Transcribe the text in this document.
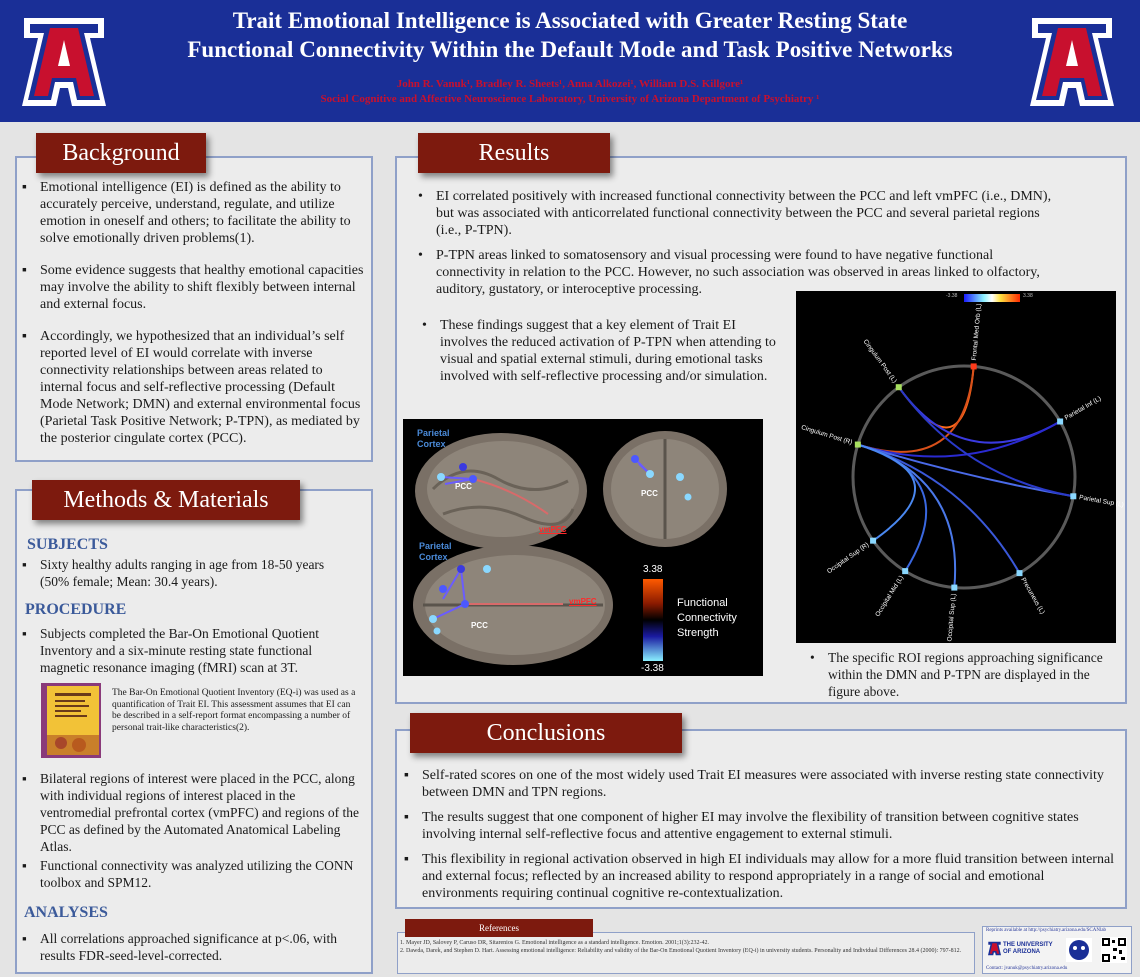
Trait Emotional Intelligence is Associated with Greater Resting State
Functional Connectivity Within the Default Mode and Task Positive Networks
John R. Vanuk¹, Bradley R. Sheets¹, Anna Alkozei¹, William D.S. Killgore¹
Social Cognitive and Affective Neuroscience Laboratory, University of Arizona Department of Psychiatry ¹
Background
▪ Emotional intelligence (EI) is defined as the ability to accurately perceive, understand, regulate, and utilize emotion in oneself and others; to facilitate the ability to solve emotionally driven problems(1).
▪ Some evidence suggests that healthy emotional capacities may involve the ability to shift flexibly between internal and external focus.
▪ Accordingly, we hypothesized that an individual’s self reported level of EI would correlate with inverse connectivity relationships between areas related to internal focus and self-reflective processing (Default Mode Network; DMN) and external environmental focus (Parietal Task Positive Network; P-TPN), as mediated by the posterior cingulate cortex (PCC).
Methods & Materials
SUBJECTS
▪ Sixty healthy adults ranging in age from 18-50 years (50% female; Mean: 30.4 years).
PROCEDURE
▪ Subjects completed the Bar-On Emotional Quotient Inventory and a six-minute resting state functional magnetic resonance imaging (fMRI) scan at 3T.
The Bar-On Emotional Quotient Inventory (EQ-i) was used as a quantification of Trait EI. This assessment assumes that EI can be described in a self-report format encompassing a number of personal trait-like characteristics(2).
▪ Bilateral regions of interest were placed in the PCC, along with individual regions of interest placed in the ventromedial prefrontal cortex (vmPFC) and regions of the PCC as defined by the Automated Anatomical Labeling Atlas.
▪ Functional connectivity was analyzed utilizing the CONN toolbox and SPM12.
ANALYSES
▪ All correlations approached significance at p<.06, with results FDR-seed-level-corrected.
Results
• EI correlated positively with increased functional connectivity between the PCC and left vmPFC (i.e., DMN), but was associated with anticorrelated functional connectivity between the PCC and several parietal regions (i.e., P-TPN).
• P-TPN areas linked to somatosensory and visual processing were found to have negative functional connectivity in relation to the PCC. However, no such association was observed in areas linked to olfactory, auditory, gustatory, or interoceptive processing.
• These findings suggest that a key element of Trait EI involves the reduced activation of P-TPN when attending to visual and spatial external stimuli, during emotional tasks involved with self-reflective processing and/or simulation.
Parietal
Cortex
Parietal
Cortex
PCC
PCC
PCC
vmPFC
vmPFC
3.38
-3.38
Functional
Connectivity
Strength
Cingulum Post (L)
Frontal Med Orb (L)
Cingulum Post (R)
Parietal Inf (L)
Parietal Sup (L)
Precuneus (L)
Occipital Sup (L)
Occipital Mid (L)
Occipital Sup (R)
-3.38	3.38
• The specific ROI regions approaching significance within the DMN and P-TPN are displayed in the figure above.
Conclusions
▪ Self-rated scores on one of the most widely used Trait EI measures were associated with inverse resting state connectivity between DMN and TPN regions.
▪ The results suggest that one component of higher EI may involve the flexibility of transition between cognitive states involving internal self-reflective focus and attentive engagement to external stimuli.
▪ This flexibility in regional activation observed in high EI individuals may allow for a more fluid transition between internal and external focus; reflected by an increased ability to respond appropriately in a range of social and emotional environments requiring continual cognitive re-contextualization.
References
1. Mayer JD, Salovey P, Caruso DR, Sitarenios G. Emotional intelligence as a standard intelligence. Emotion. 2001;1(3):232-42.
2. Dawda, Darek, and Stephen D. Hart. Assessing emotional intelligence: Reliability and validity of the Bar-On Emotional Quotient Inventory (EQ-i) in university students. Personality and Individual Differences 28.4 (2000): 797-812.
Reprints available at http://psychiatry.arizona.edu/SCANlab
THE UNIVERSITY
OF ARIZONA
Contact: jvanuk@psychiatry.arizona.edu
